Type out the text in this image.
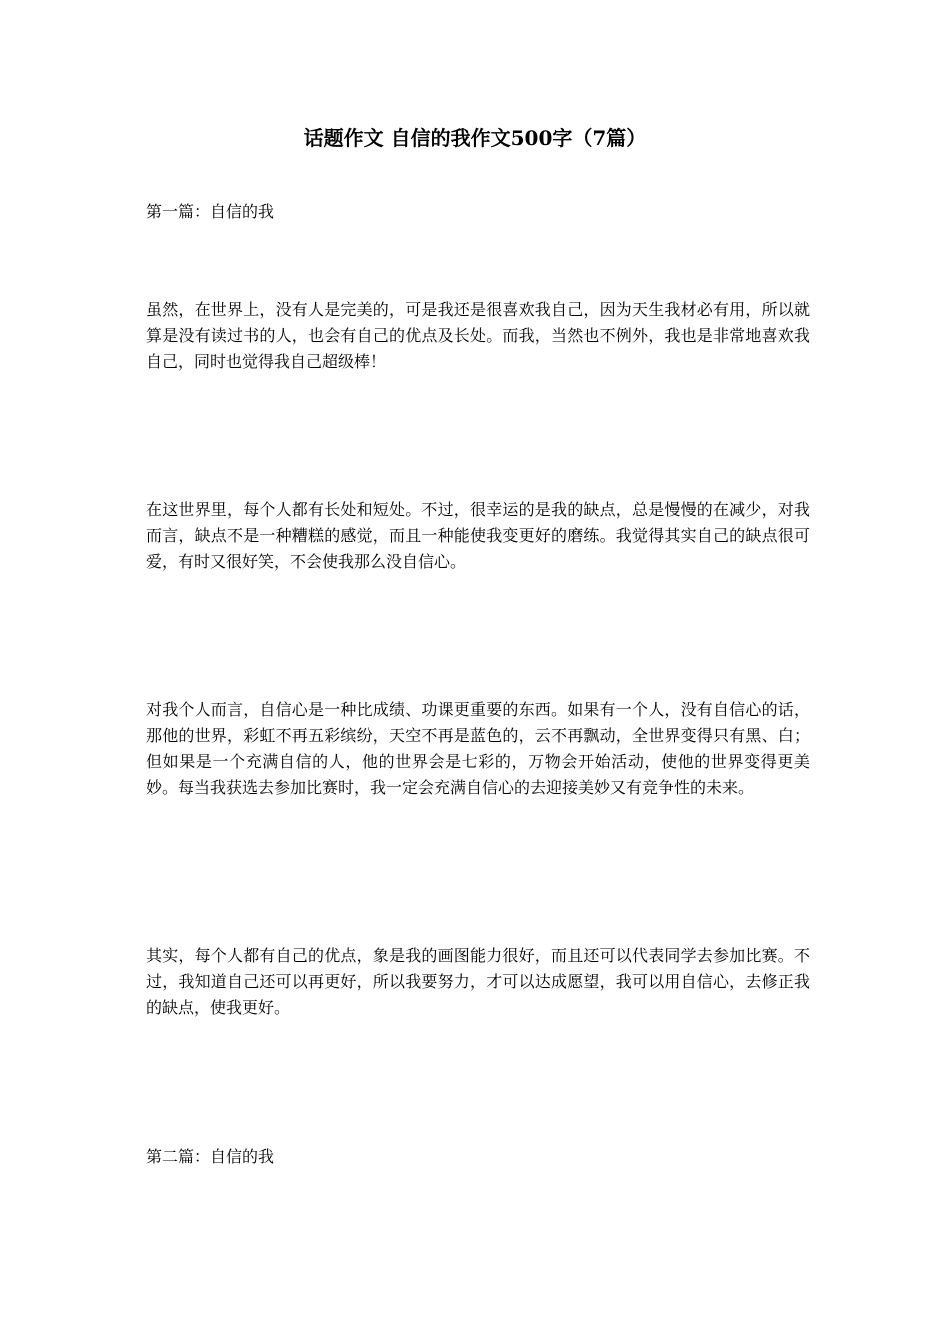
话题作文 自信的我作文500字（7篇）

第一篇：自信的我

虽然，在世界上，没有人是完美的，可是我还是很喜欢我自己，因为天生我材必有用，所以就算是没有读过书的人，也会有自己的优点及长处。而我，当然也不例外，我也是非常地喜欢我自己，同时也觉得我自己超级棒！

在这世界里，每个人都有长处和短处。不过，很幸运的是我的缺点，总是慢慢的在减少，对我而言，缺点不是一种糟糕的感觉，而且一种能使我变更好的磨练。我觉得其实自己的缺点很可爱，有时又很好笑，不会使我那么没自信心。

对我个人而言，自信心是一种比成绩、功课更重要的东西。如果有一个人，没有自信心的话，那他的世界，彩虹不再五彩缤纷，天空不再是蓝色的，云不再飘动，全世界变得只有黑、白；但如果是一个充满自信的人，他的世界会是七彩的，万物会开始活动，使他的世界变得更美妙。每当我获选去参加比赛时，我一定会充满自信心的去迎接美妙又有竞争性的未来。

其实，每个人都有自己的优点，象是我的画图能力很好，而且还可以代表同学去参加比赛。不过，我知道自己还可以再更好，所以我要努力，才可以达成愿望，我可以用自信心，去修正我的缺点，使我更好。

第二篇：自信的我
